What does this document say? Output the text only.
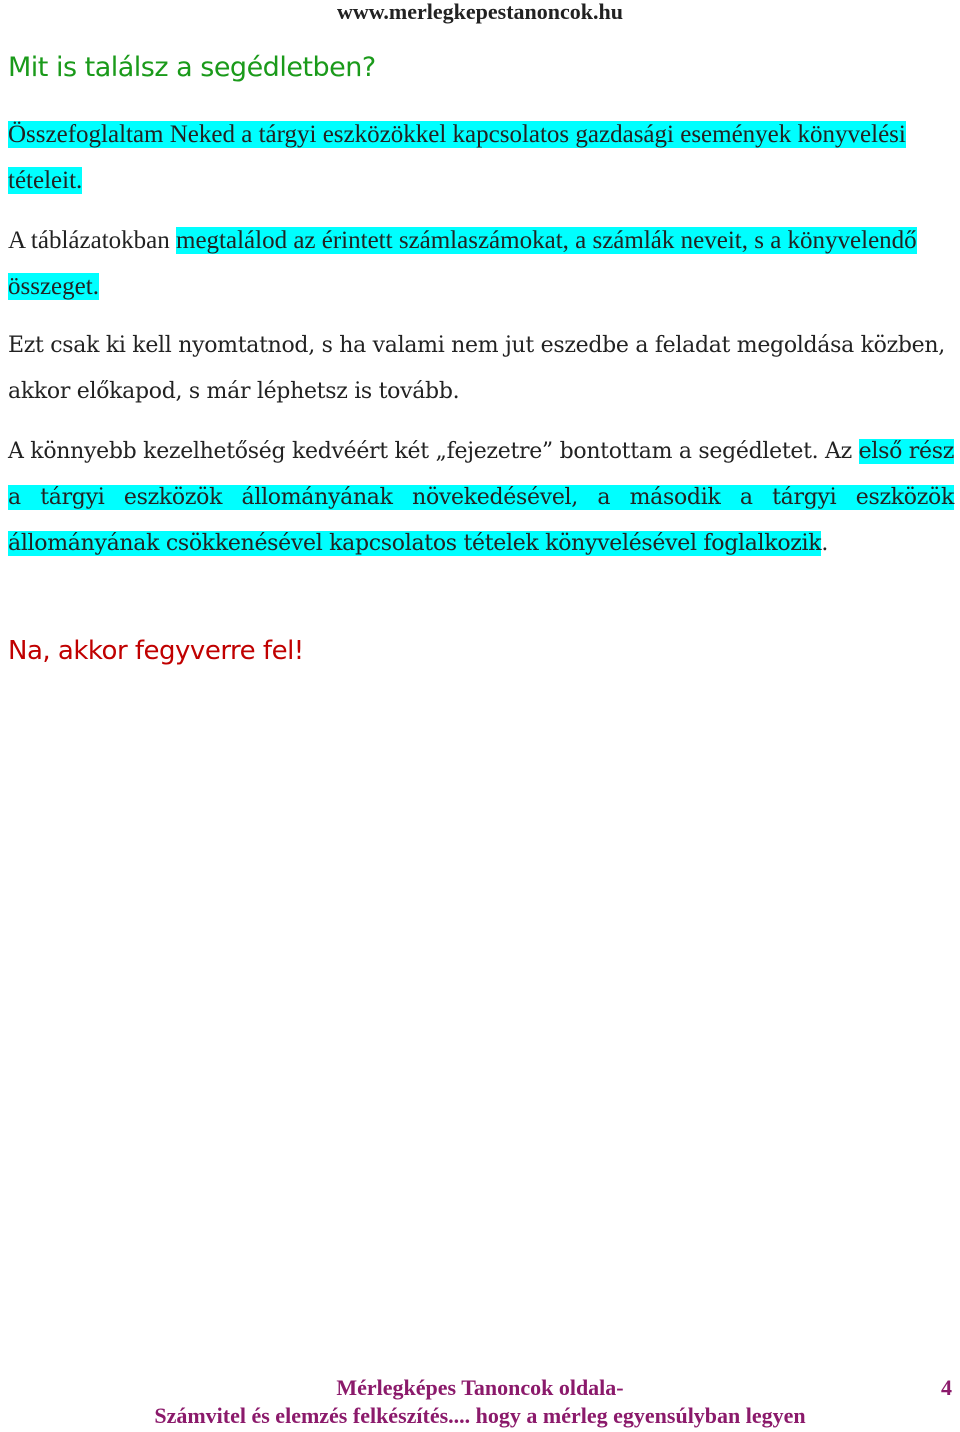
www.merlegkepestanoncok.hu
Mit is találsz a segédletben?

Összefoglaltam Neked a tárgyi eszközökkel kapcsolatos gazdasági események könyvelési tételeit.

A táblázatokban megtalálod az érintett számlaszámokat, a számlák neveit, s a könyvelendő összeget.

Ezt csak ki kell nyomtatnod, s ha valami nem jut eszedbe a feladat megoldása közben, akkor előkapod, s már léphetsz is tovább.

A könnyebb kezelhetőség kedvéért két „fejezetre” bontottam a segédletet. Az első rész a tárgyi eszközök állományának növekedésével, a második a tárgyi eszközök állományának csökkenésével kapcsolatos tételek könyvelésével foglalkozik.

Na, akkor fegyverre fel!
Mérlegképes Tanoncok oldala-
Számvitel és elemzés felkészítés.... hogy a mérleg egyensúlyban legyen
4
